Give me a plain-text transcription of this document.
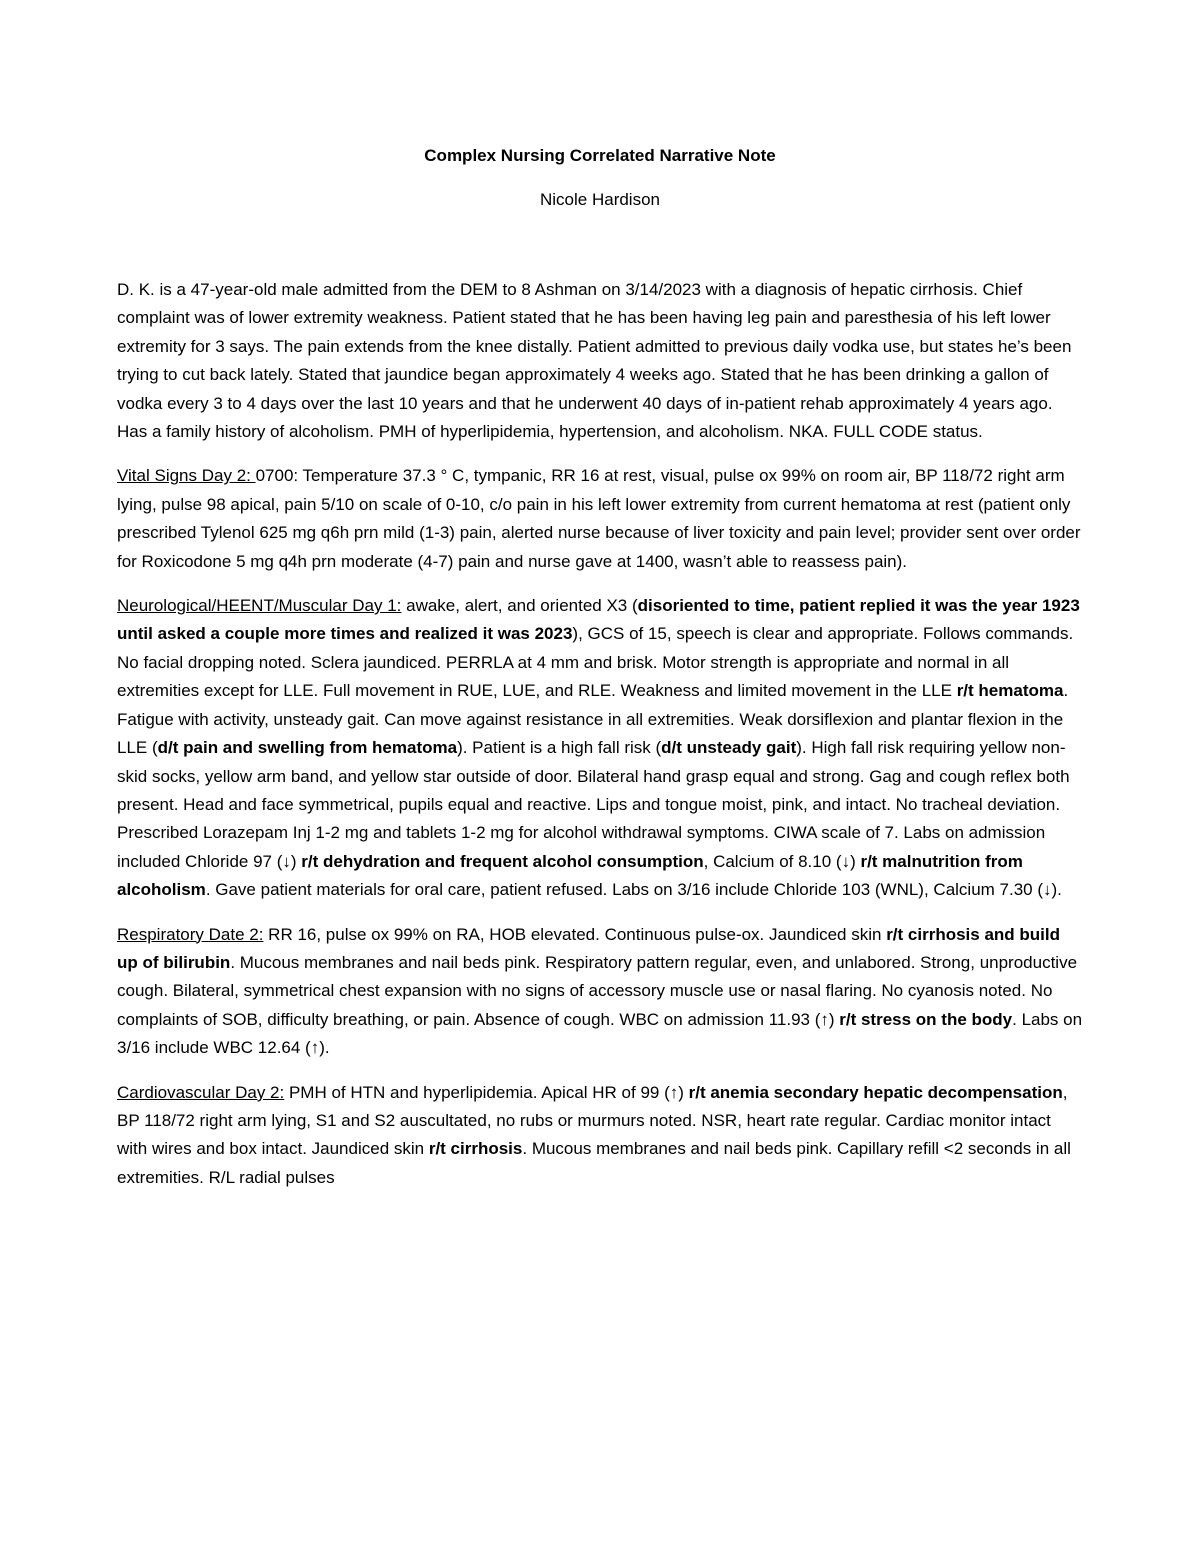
Complex Nursing Correlated Narrative Note
Nicole Hardison

D. K. is a 47-year-old male admitted from the DEM to 8 Ashman on 3/14/2023 with a diagnosis of hepatic cirrhosis. Chief complaint was of lower extremity weakness. Patient stated that he has been having leg pain and paresthesia of his left lower extremity for 3 says. The pain extends from the knee distally. Patient admitted to previous daily vodka use, but states he’s been trying to cut back lately. Stated that jaundice began approximately 4 weeks ago. Stated that he has been drinking a gallon of vodka every 3 to 4 days over the last 10 years and that he underwent 40 days of in-patient rehab approximately 4 years ago. Has a family history of alcoholism. PMH of hyperlipidemia, hypertension, and alcoholism. NKA. FULL CODE status.

Vital Signs Day 2: 0700: Temperature 37.3 ° C, tympanic, RR 16 at rest, visual, pulse ox 99% on room air, BP 118/72 right arm lying, pulse 98 apical, pain 5/10 on scale of 0-10, c/o pain in his left lower extremity from current hematoma at rest (patient only prescribed Tylenol 625 mg q6h prn mild (1-3) pain, alerted nurse because of liver toxicity and pain level; provider sent over order for Roxicodone 5 mg q4h prn moderate (4-7) pain and nurse gave at 1400, wasn’t able to reassess pain).

Neurological/HEENT/Muscular Day 1: awake, alert, and oriented X3 (disoriented to time, patient replied it was the year 1923 until asked a couple more times and realized it was 2023), GCS of 15, speech is clear and appropriate. Follows commands. No facial dropping noted. Sclera jaundiced. PERRLA at 4 mm and brisk. Motor strength is appropriate and normal in all extremities except for LLE. Full movement in RUE, LUE, and RLE. Weakness and limited movement in the LLE r/t hematoma. Fatigue with activity, unsteady gait. Can move against resistance in all extremities. Weak dorsiflexion and plantar flexion in the LLE (d/t pain and swelling from hematoma). Patient is a high fall risk (d/t unsteady gait). High fall risk requiring yellow non-skid socks, yellow arm band, and yellow star outside of door. Bilateral hand grasp equal and strong. Gag and cough reflex both present. Head and face symmetrical, pupils equal and reactive. Lips and tongue moist, pink, and intact. No tracheal deviation. Prescribed Lorazepam Inj 1-2 mg and tablets 1-2 mg for alcohol withdrawal symptoms. CIWA scale of 7. Labs on admission included Chloride 97 (↓) r/t dehydration and frequent alcohol consumption, Calcium of 8.10 (↓) r/t malnutrition from alcoholism. Gave patient materials for oral care, patient refused. Labs on 3/16 include Chloride 103 (WNL), Calcium 7.30 (↓).

Respiratory Date 2: RR 16, pulse ox 99% on RA, HOB elevated. Continuous pulse-ox. Jaundiced skin r/t cirrhosis and build up of bilirubin. Mucous membranes and nail beds pink. Respiratory pattern regular, even, and unlabored. Strong, unproductive cough. Bilateral, symmetrical chest expansion with no signs of accessory muscle use or nasal flaring. No cyanosis noted. No complaints of SOB, difficulty breathing, or pain. Absence of cough. WBC on admission 11.93 (↑) r/t stress on the body. Labs on 3/16 include WBC 12.64 (↑).

Cardiovascular Day 2: PMH of HTN and hyperlipidemia. Apical HR of 99 (↑) r/t anemia secondary hepatic decompensation, BP 118/72 right arm lying, S1 and S2 auscultated, no rubs or murmurs noted. NSR, heart rate regular. Cardiac monitor intact with wires and box intact. Jaundiced skin r/t cirrhosis. Mucous membranes and nail beds pink. Capillary refill <2 seconds in all extremities. R/L radial pulses
